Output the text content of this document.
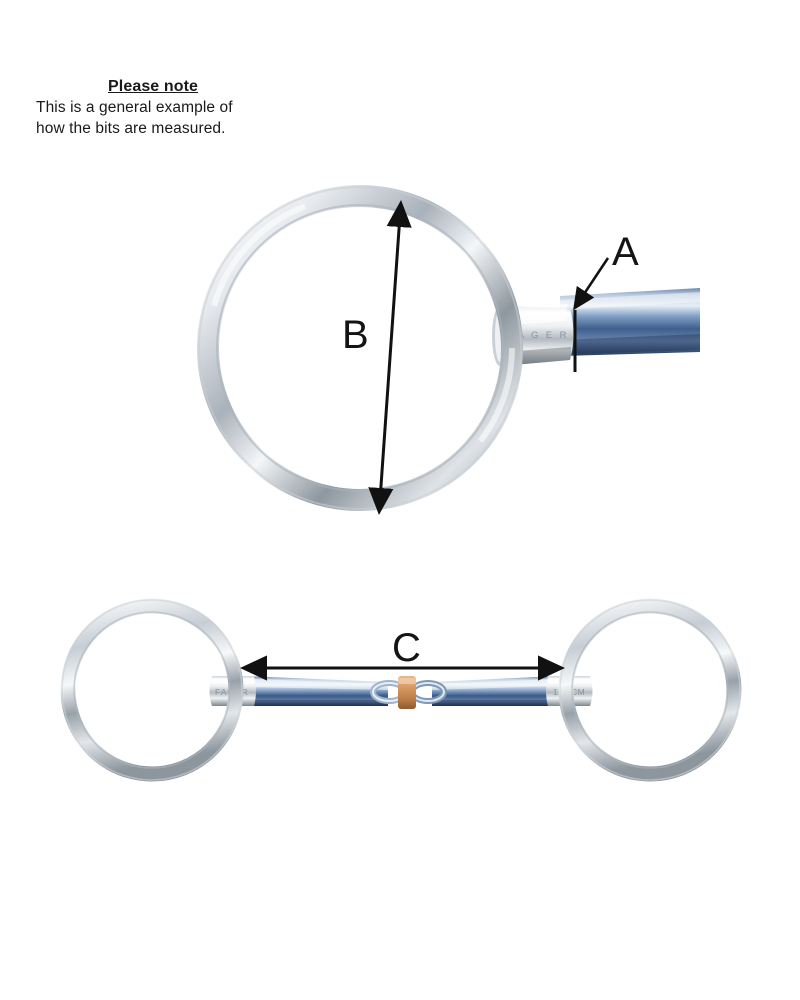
Please note

This is a general example of

how the bits are measured.

F A G E R
FAGER	12.5CM
A
B
C
